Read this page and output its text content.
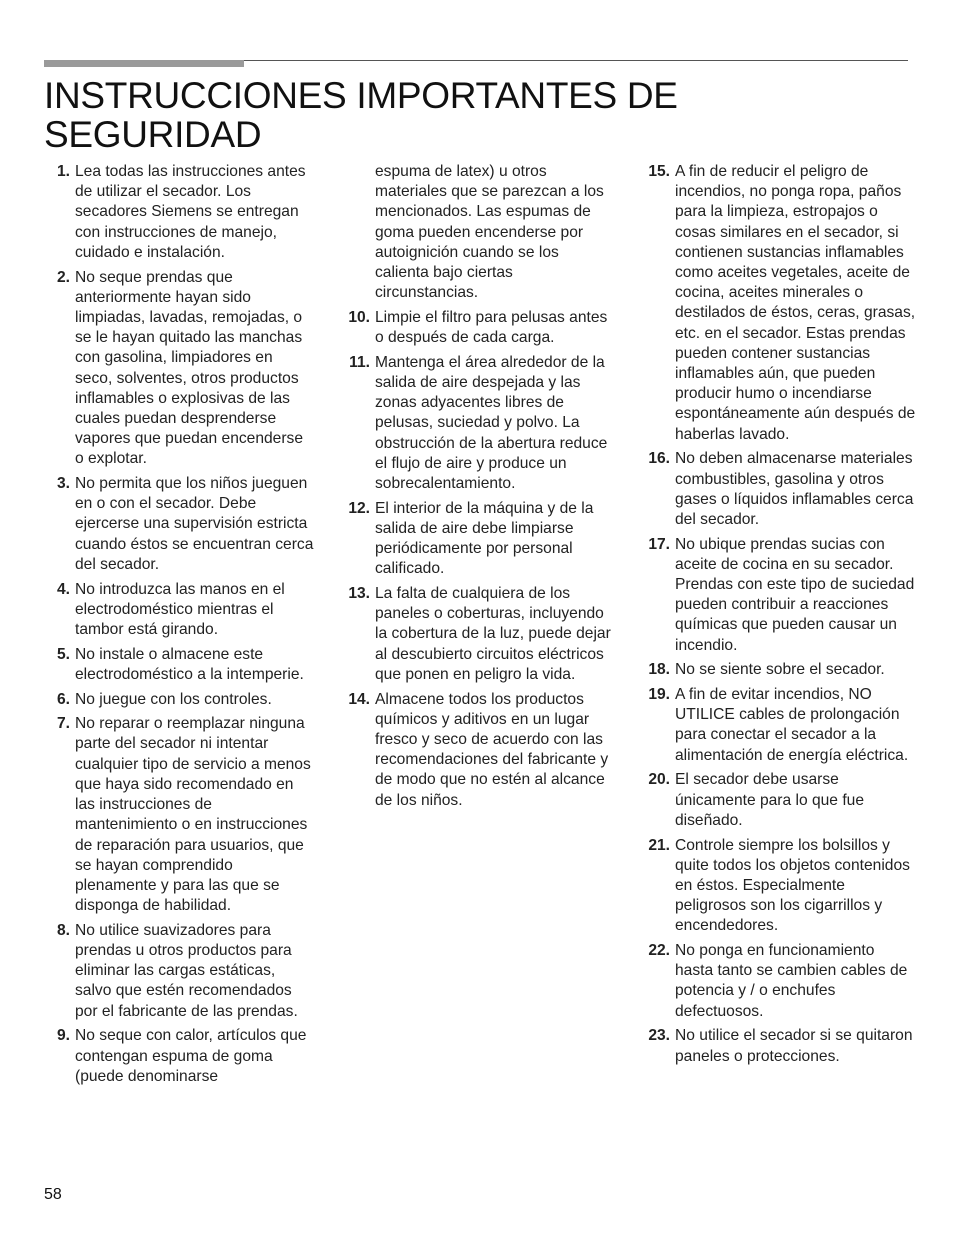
INSTRUCCIONES IMPORTANTES DE SEGURIDAD
1. Lea todas las instrucciones antes de utilizar el secador. Los secadores Siemens se entregan con instrucciones de manejo, cuidado e instalación.
2. No seque prendas que anteriormente hayan sido limpiadas, lavadas, remojadas, o se le hayan quitado las manchas con gasolina, limpiadores en seco, solventes, otros productos inflamables o explosivas de las cuales puedan desprenderse vapores que puedan encenderse o explotar.
3. No permita que los niños jueguen en o con el secador. Debe ejercerse una supervisión estricta cuando éstos se encuentran cerca del secador.
4. No introduzca las manos en el electrodoméstico mientras el tambor está girando.
5. No instale o almacene este electrodoméstico a la intemperie.
6. No juegue con los controles.
7. No reparar o reemplazar ninguna parte del secador ni intentar cualquier tipo de servicio a menos que haya sido recomendado en las instrucciones de mantenimiento o en instrucciones de reparación para usuarios, que se hayan comprendido plenamente y para las que se disponga de habilidad.
8. No utilice suavizadores para prendas u otros productos para eliminar las cargas estáticas, salvo que estén recomendados por el fabricante de las prendas.
9. No seque con calor, artículos que contengan espuma de goma (puede denominarse
espuma de latex) u otros materiales que se parezcan a los mencionados. Las espumas de goma pueden encenderse por autoignición cuando se los calienta bajo ciertas circunstancias.
10. Limpie el filtro para pelusas antes o después de cada carga.
11. Mantenga el área alrededor de la salida de aire despejada y las zonas adyacentes libres de pelusas, suciedad y polvo. La obstrucción de la abertura reduce el flujo de aire y produce un sobrecalentamiento.
12. El interior de la máquina y de la salida de aire debe limpiarse periódicamente por personal calificado.
13. La falta de cualquiera de los paneles o coberturas, incluyendo la cobertura de la luz, puede dejar al descubierto circuitos eléctricos que ponen en peligro la vida.
14. Almacene todos los productos químicos y aditivos en un lugar fresco y seco de acuerdo con las recomendaciones del fabricante y de modo que no estén al alcance de los niños.
15. A fin de reducir el peligro de incendios, no ponga ropa, paños para la limpieza, estropajos o cosas similares en el secador, si contienen sustancias inflamables como aceites vegetales, aceite de cocina, aceites minerales o destilados de éstos, ceras, grasas, etc. en el secador. Estas prendas pueden contener sustancias inflamables aún, que pueden producir humo o incendiarse espontáneamente aún después de haberlas lavado.
16. No deben almacenarse materiales combustibles, gasolina y otros gases o líquidos inflamables cerca del secador.
17. No ubique prendas sucias con aceite de cocina en su secador. Prendas con este tipo de suciedad pueden contribuir a reacciones químicas que pueden causar un incendio.
18. No se siente sobre el secador.
19. A fin de evitar incendios, NO UTILICE cables de prolongación para conectar el secador a la alimentación de energía eléctrica.
20. El secador debe usarse únicamente para lo que fue diseñado.
21. Controle siempre los bolsillos y quite todos los objetos contenidos en éstos. Especialmente peligrosos son los cigarrillos y encendedores.
22. No ponga en funcionamiento hasta tanto se cambien cables de potencia y / o enchufes defectuosos.
23. No utilice el secador si se quitaron paneles o protecciones.
58
